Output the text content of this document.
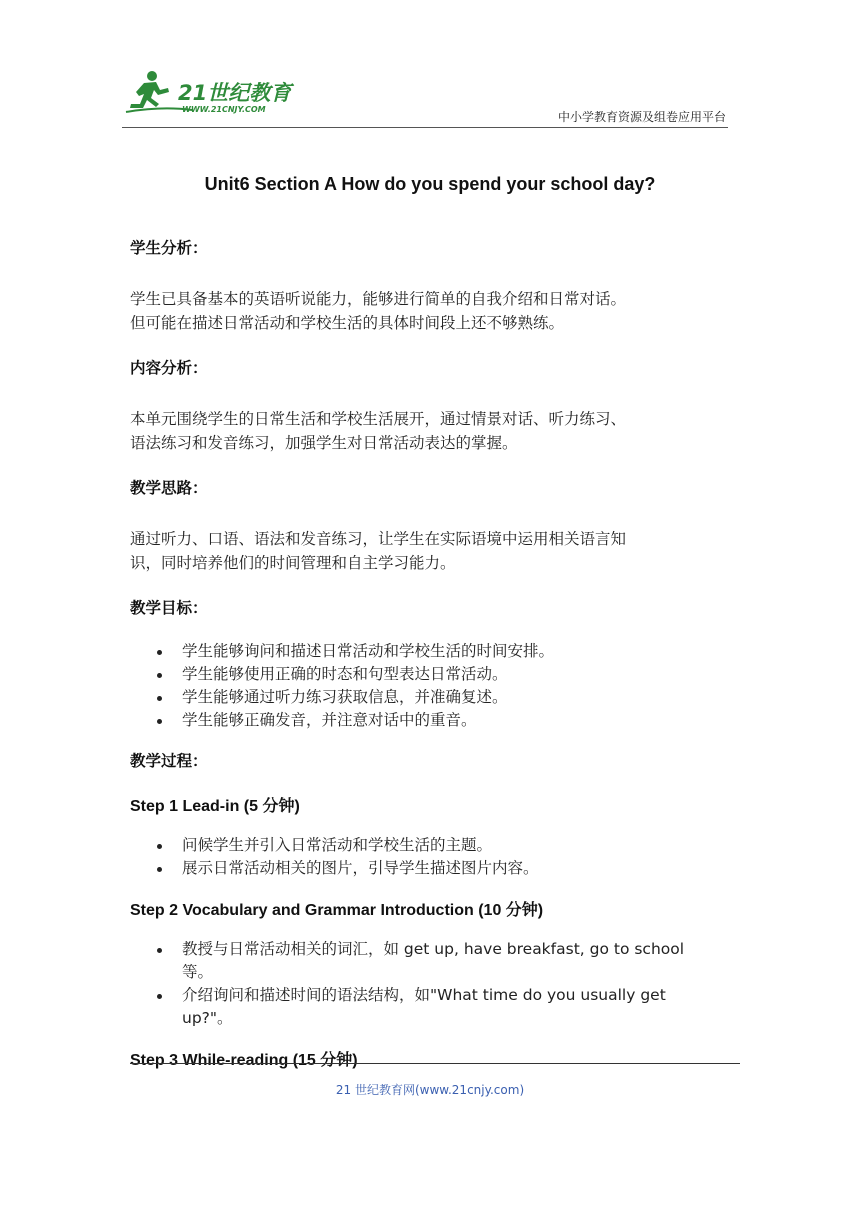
21世纪教育
WWW.21CNJY.COM
中小学教育资源及组卷应用平台
Unit6 Section A How do you spend your school day?

学生分析：

学生已具备基本的英语听说能力，能够进行简单的自我介绍和日常对话。

但可能在描述日常活动和学校生活的具体时间段上还不够熟练。

内容分析：

本单元围绕学生的日常生活和学校生活展开，通过情景对话、听力练习、

语法练习和发音练习，加强学生对日常活动表达的掌握。

教学思路：

通过听力、口语、语法和发音练习，让学生在实际语境中运用相关语言知

识，同时培养他们的时间管理和自主学习能力。

教学目标：

学生能够询问和描述日常活动和学校生活的时间安排。
学生能够使用正确的时态和句型表达日常活动。
学生能够通过听力练习获取信息，并准确复述。
学生能够正确发音，并注意对话中的重音。

教学过程：

Step 1 Lead-in (5 分钟)

问候学生并引入日常活动和学校生活的主题。
展示日常活动相关的图片，引导学生描述图片内容。

Step 2 Vocabulary and Grammar Introduction (10 分钟)

教授与日常活动相关的词汇，如 get up, have breakfast, go to school
等。
介绍询问和描述时间的语法结构，如"What time do you usually get
up?"。

Step 3 While-reading (15 分钟)

21 世纪教育网(www.21cnjy.com)
